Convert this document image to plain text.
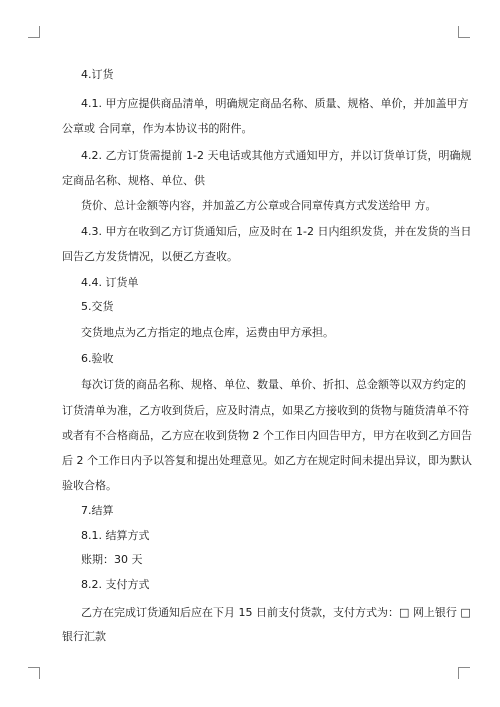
4.订货
4.1. 甲方应提供商品清单，明确规定商品名称、质量、规格、单价，并加盖甲方
公章或 合同章，作为本协议书的附件。
4.2. 乙方订货需提前 1-2 天电话或其他方式通知甲方，并以订货单订货，明确规
定商品名称、规格、单位、供
货价、总计金额等内容，并加盖乙方公章或合同章传真方式发送给甲 方。
4.3. 甲方在收到乙方订货通知后，应及时在 1-2 日内组织发货，并在发货的当日
回告乙方发货情况，以便乙方查收。
4.4. 订货单
5.交货
交货地点为乙方指定的地点仓库，运费由甲方承担。
6.验收
每次订货的商品名称、规格、单位、数量、单价、折扣、总金额等以双方约定的
订货清单为准，乙方收到货后，应及时清点，如果乙方接收到的货物与随货清单不符
或者有不合格商品，乙方应在收到货物 2 个工作日内回告甲方，甲方在收到乙方回告
后 2 个工作日内予以答复和提出处理意见。如乙方在规定时间未提出异议，即为默认
验收合格。
7.结算
8.1. 结算方式
账期：30 天
8.2. 支付方式
乙方在完成订货通知后应在下月 15 日前支付货款，支付方式为：□ 网上银行 □
银行汇款
